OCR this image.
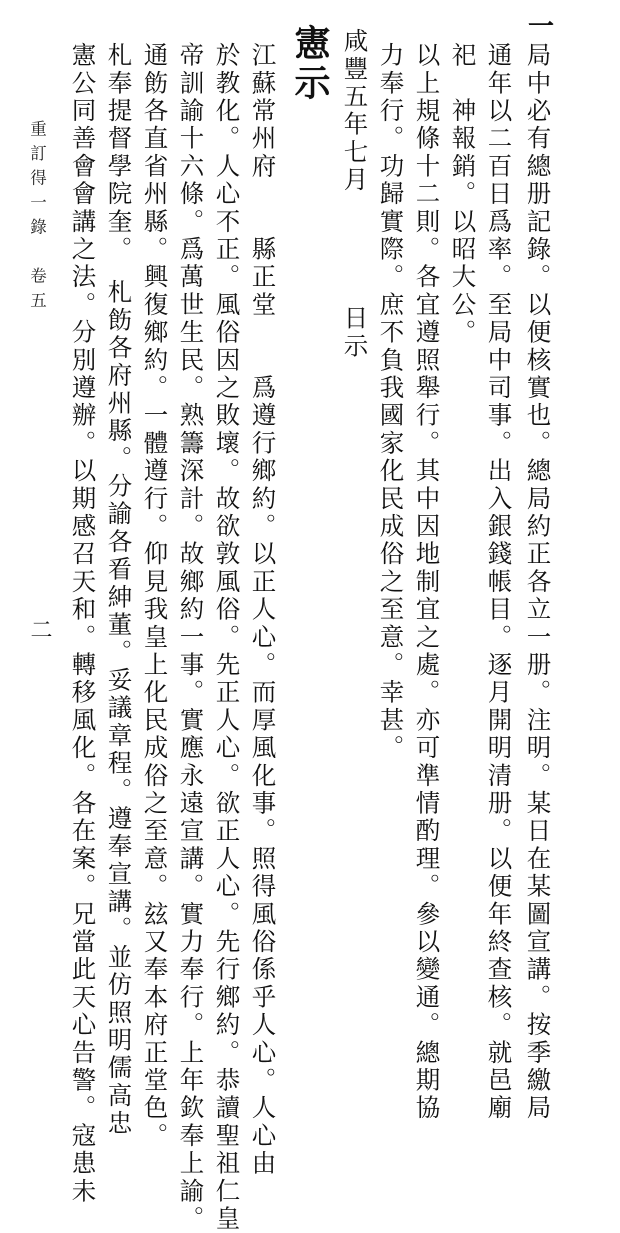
一
局中必有總册記錄。以便核實也。總局約正各立一册。注明。某日在某圖宣講。按季繳局
通年以二百日爲率。至局中司事。出入銀錢帳目。逐月開明清册。以便年終查核。就邑廟
祀　神報銷。以昭大公。
以上規條十二則。各宜遵照舉行。其中因地制宜之處。亦可準情酌理。參以變通。總期協
力奉行。功歸實際。庶不負我國家化民成俗之至意。幸甚。
咸豐五年七月　　　　日示
憲示
江蘇常州府　　縣正堂　　爲遵行鄉約。以正人心。而厚風化事。照得風俗係乎人心。人心由
於教化。人心不正。風俗因之敗壞。故欲敦風俗。先正人心。欲正人心。先行鄉約。恭讀聖祖仁皇
帝訓諭十六條。爲萬世生民。熟籌深計。故鄉約一事。實應永遠宣講。實力奉行。上年欽奉上諭。
通飭各直省州縣。興復鄉約。一體遵行。仰見我皇上化民成俗之至意。玆又奉本府正堂色。
札奉提督學院奎。　札飭各府州縣。分諭各㸔紳董。妥議章程。遵奉宣講。並仿照明儒高忠
憲公同善會會講之法。分別遵辦。以期感召天和。轉移風化。各在案。兄當此天心告警。寇患未
重訂得一錄　卷五
二
